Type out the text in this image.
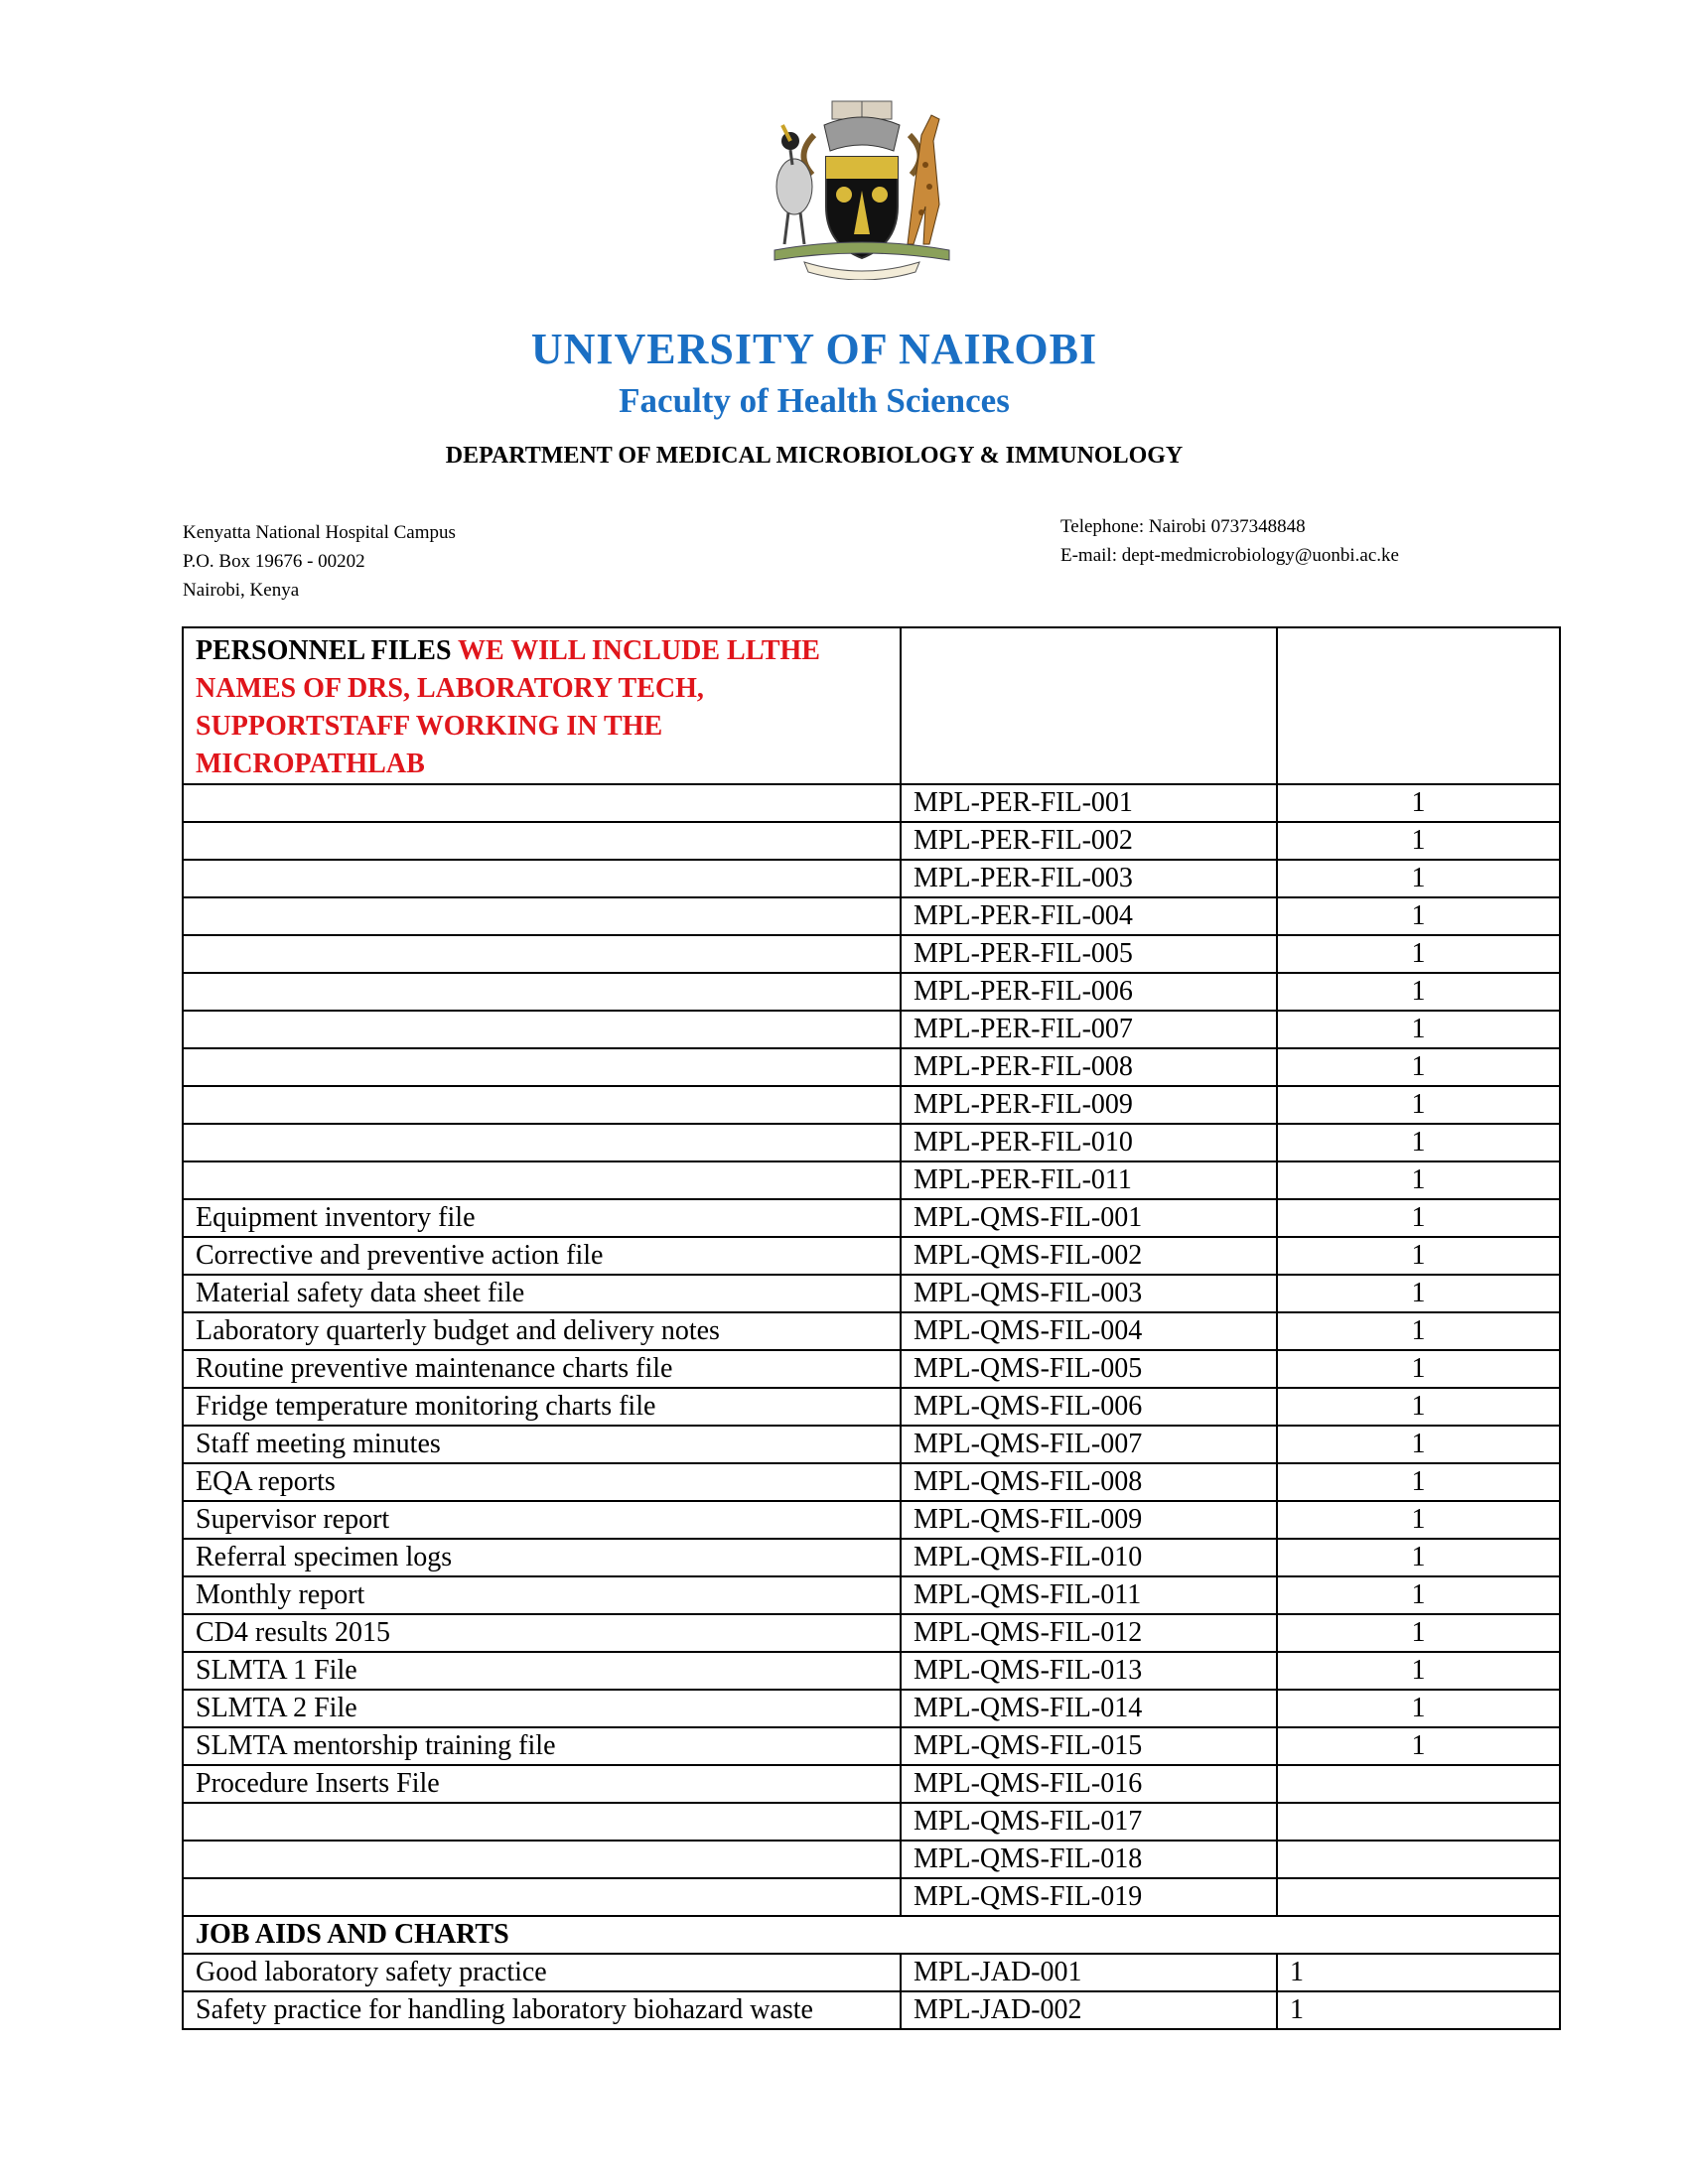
UNIVERSITY OF NAIROBI
Faculty of Health Sciences
DEPARTMENT OF MEDICAL MICROBIOLOGY & IMMUNOLOGY
Kenyatta National Hospital Campus
P.O. Box 19676 - 00202
Nairobi, Kenya
Telephone: Nairobi 0737348848
E-mail: dept-medmicrobiology@uonbi.ac.ke
PERSONNEL FILES WE WILL INCLUDE LLTHE NAMES OF DRS, LABORATORY TECH, SUPPORTSTAFF WORKING IN THE MICROPATHLAB		
	MPL-PER-FIL-001	1
	MPL-PER-FIL-002	1
	MPL-PER-FIL-003	1
	MPL-PER-FIL-004	1
	MPL-PER-FIL-005	1
	MPL-PER-FIL-006	1
	MPL-PER-FIL-007	1
	MPL-PER-FIL-008	1
	MPL-PER-FIL-009	1
	MPL-PER-FIL-010	1
	MPL-PER-FIL-011	1
Equipment inventory file	MPL-QMS-FIL-001	1
Corrective and preventive action file	MPL-QMS-FIL-002	1
Material safety data sheet file	MPL-QMS-FIL-003	1
Laboratory quarterly budget and delivery notes	MPL-QMS-FIL-004	1
Routine preventive maintenance charts file	MPL-QMS-FIL-005	1
Fridge temperature monitoring charts file	MPL-QMS-FIL-006	1
Staff meeting minutes	MPL-QMS-FIL-007	1
EQA reports	MPL-QMS-FIL-008	1
Supervisor report	MPL-QMS-FIL-009	1
Referral specimen logs	MPL-QMS-FIL-010	1
Monthly report	MPL-QMS-FIL-011	1
CD4 results 2015	MPL-QMS-FIL-012	1
SLMTA 1 File	MPL-QMS-FIL-013	1
SLMTA 2 File	MPL-QMS-FIL-014	1
SLMTA mentorship training file	MPL-QMS-FIL-015	1
Procedure Inserts File	MPL-QMS-FIL-016	
	MPL-QMS-FIL-017	
	MPL-QMS-FIL-018	
	MPL-QMS-FIL-019	
JOB AIDS AND CHARTS		
Good laboratory safety practice	MPL-JAD-001	1
Safety practice for handling laboratory biohazard waste	MPL-JAD-002	1
